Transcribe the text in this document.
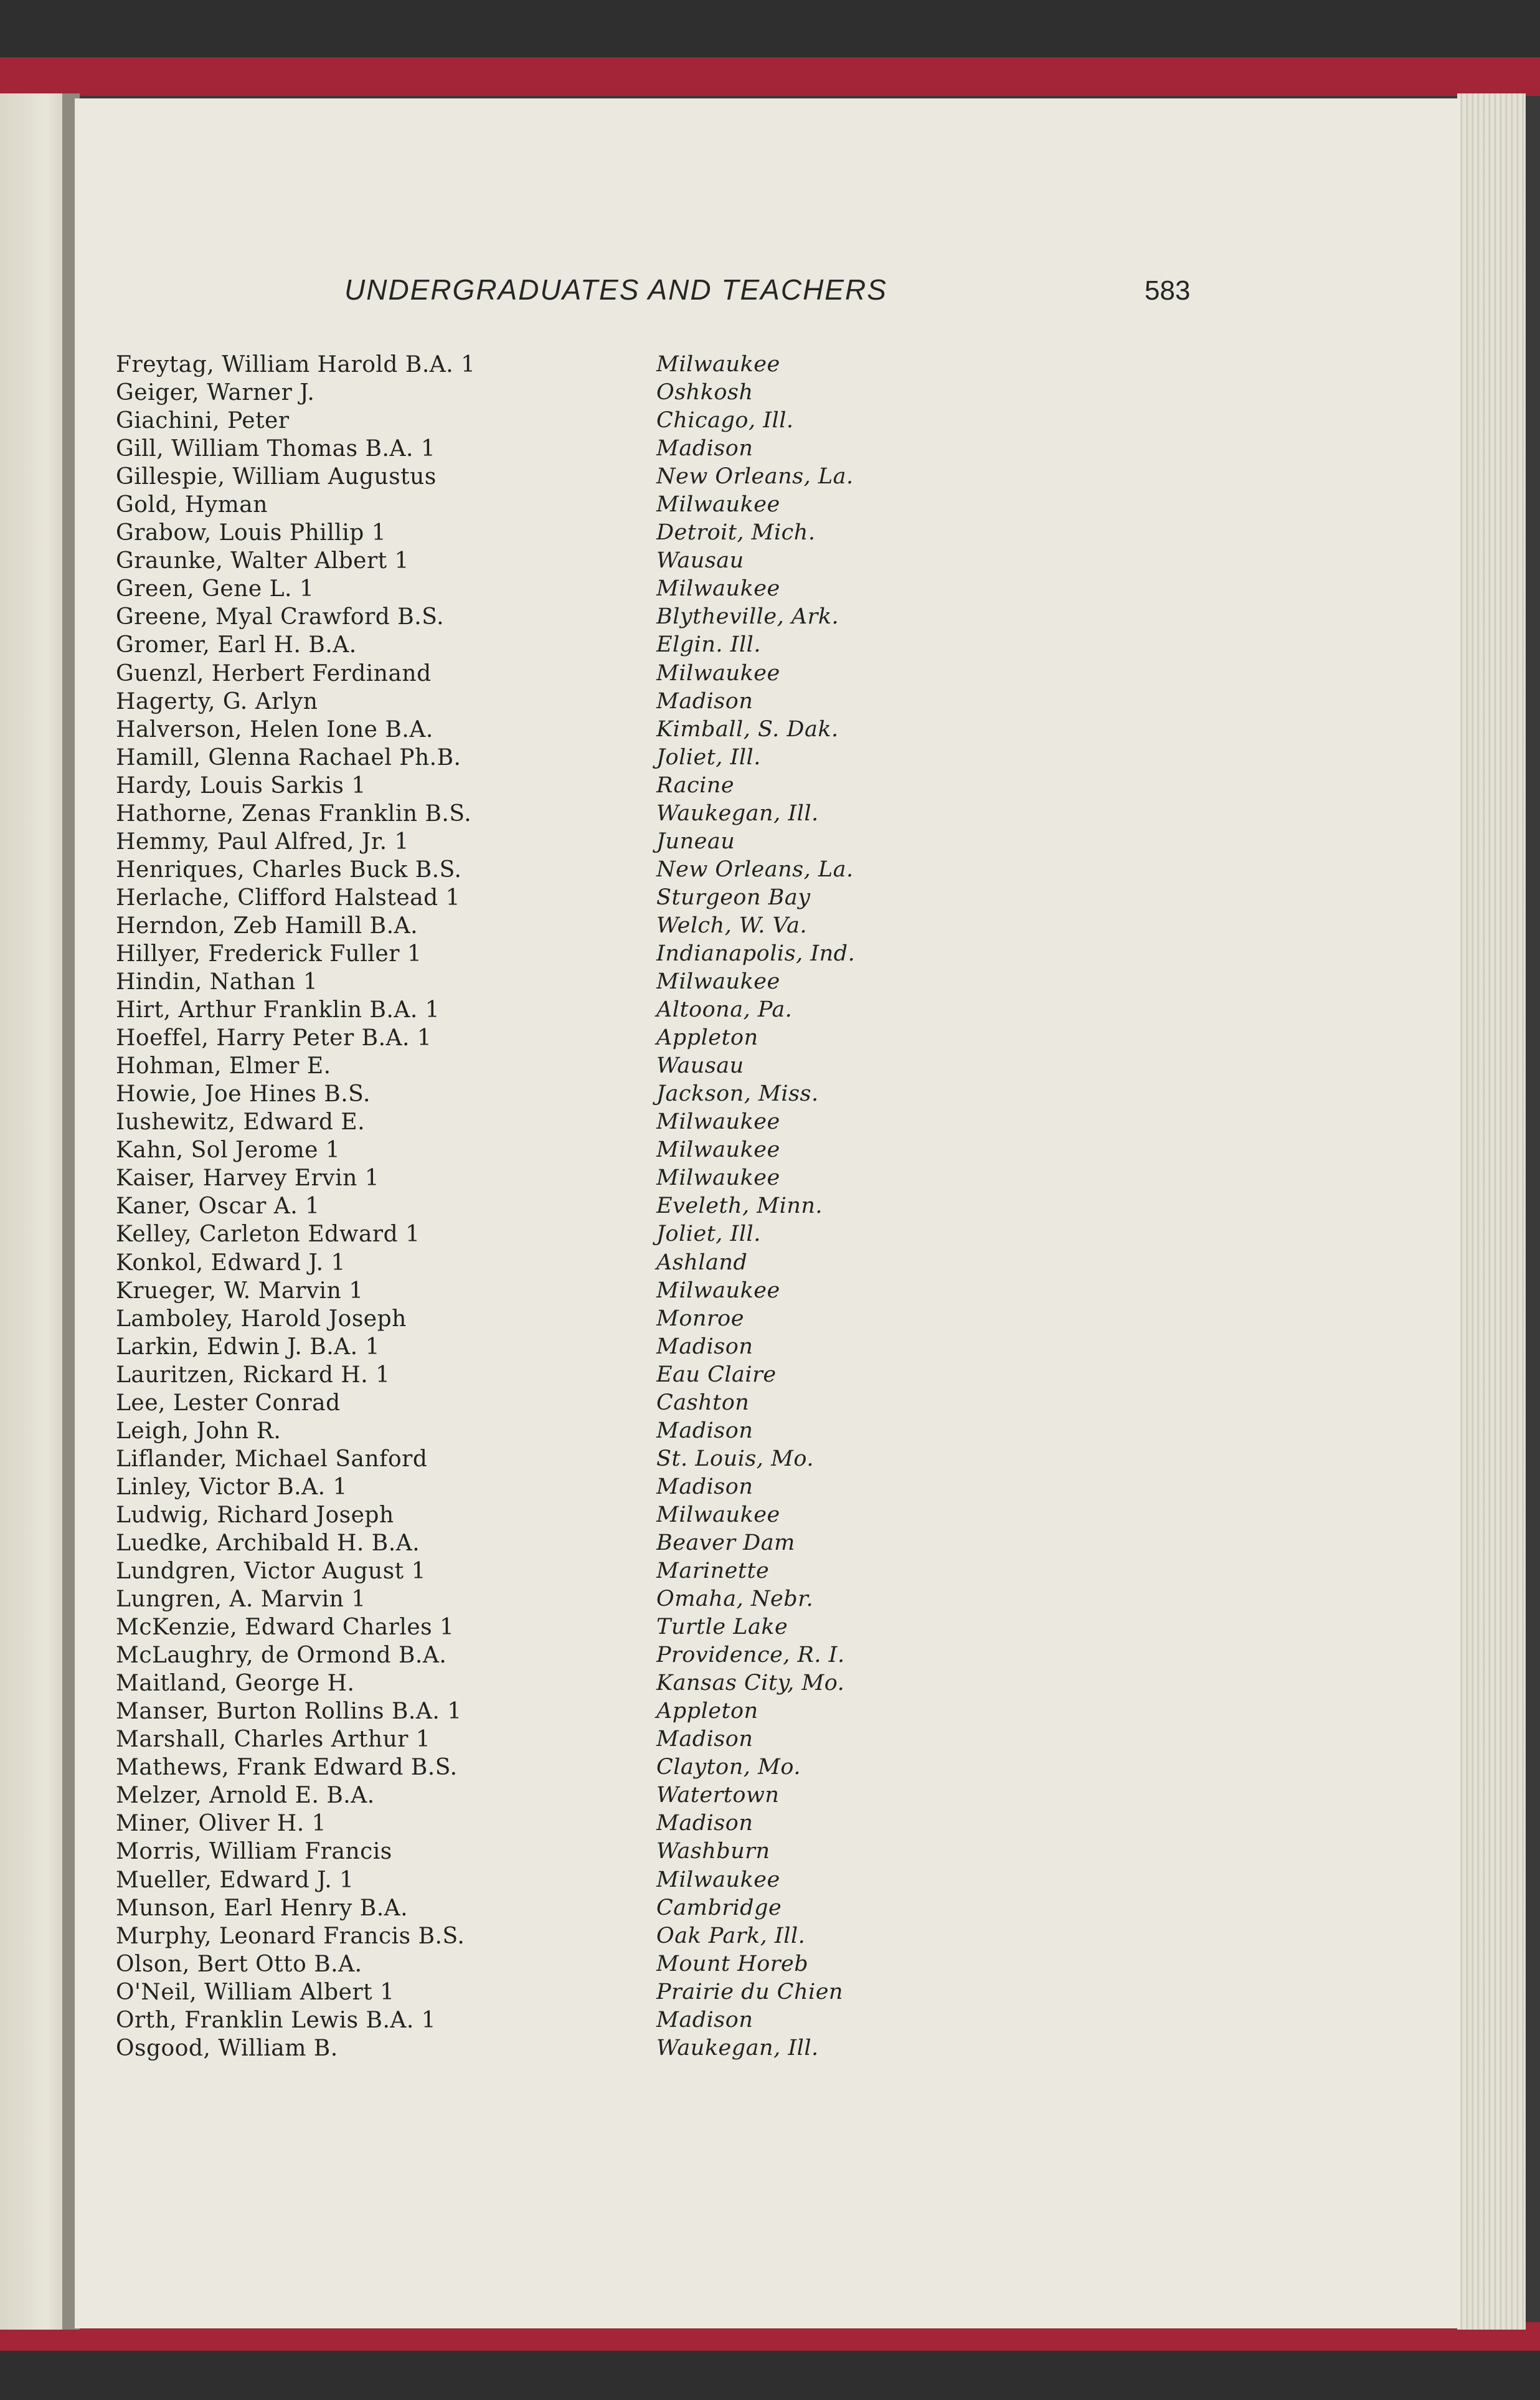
UNDERGRADUATES AND TEACHERS	583
Freytag, William Harold B.A. 1	Milwaukee
Geiger, Warner J.	Oshkosh
Giachini, Peter	Chicago, Ill.
Gill, William Thomas B.A. 1	Madison
Gillespie, William Augustus	New Orleans, La.
Gold, Hyman	Milwaukee
Grabow, Louis Phillip 1	Detroit, Mich.
Graunke, Walter Albert 1	Wausau
Green, Gene L. 1	Milwaukee
Greene, Myal Crawford B.S.	Blytheville, Ark.
Gromer, Earl H. B.A.	Elgin. Ill.
Guenzl, Herbert Ferdinand	Milwaukee
Hagerty, G. Arlyn	Madison
Halverson, Helen Ione B.A.	Kimball, S. Dak.
Hamill, Glenna Rachael Ph.B.	Joliet, Ill.
Hardy, Louis Sarkis 1	Racine
Hathorne, Zenas Franklin B.S.	Waukegan, Ill.
Hemmy, Paul Alfred, Jr. 1	Juneau
Henriques, Charles Buck B.S.	New Orleans, La.
Herlache, Clifford Halstead 1	Sturgeon Bay
Herndon, Zeb Hamill B.A.	Welch, W. Va.
Hillyer, Frederick Fuller 1	Indianapolis, Ind.
Hindin, Nathan 1	Milwaukee
Hirt, Arthur Franklin B.A. 1	Altoona, Pa.
Hoeffel, Harry Peter B.A. 1	Appleton
Hohman, Elmer E.	Wausau
Howie, Joe Hines B.S.	Jackson, Miss.
Iushewitz, Edward E.	Milwaukee
Kahn, Sol Jerome 1	Milwaukee
Kaiser, Harvey Ervin 1	Milwaukee
Kaner, Oscar A. 1	Eveleth, Minn.
Kelley, Carleton Edward 1	Joliet, Ill.
Konkol, Edward J. 1	Ashland
Krueger, W. Marvin 1	Milwaukee
Lamboley, Harold Joseph	Monroe
Larkin, Edwin J. B.A. 1	Madison
Lauritzen, Rickard H. 1	Eau Claire
Lee, Lester Conrad	Cashton
Leigh, John R.	Madison
Liflander, Michael Sanford	St. Louis, Mo.
Linley, Victor B.A. 1	Madison
Ludwig, Richard Joseph	Milwaukee
Luedke, Archibald H. B.A.	Beaver Dam
Lundgren, Victor August 1	Marinette
Lungren, A. Marvin 1	Omaha, Nebr.
McKenzie, Edward Charles 1	Turtle Lake
McLaughry, de Ormond B.A.	Providence, R. I.
Maitland, George H.	Kansas City, Mo.
Manser, Burton Rollins B.A. 1	Appleton
Marshall, Charles Arthur 1	Madison
Mathews, Frank Edward B.S.	Clayton, Mo.
Melzer, Arnold E. B.A.	Watertown
Miner, Oliver H. 1	Madison
Morris, William Francis	Washburn
Mueller, Edward J. 1	Milwaukee
Munson, Earl Henry B.A.	Cambridge
Murphy, Leonard Francis B.S.	Oak Park, Ill.
Olson, Bert Otto B.A.	Mount Horeb
O'Neil, William Albert 1	Prairie du Chien
Orth, Franklin Lewis B.A. 1	Madison
Osgood, William B.	Waukegan, Ill.
